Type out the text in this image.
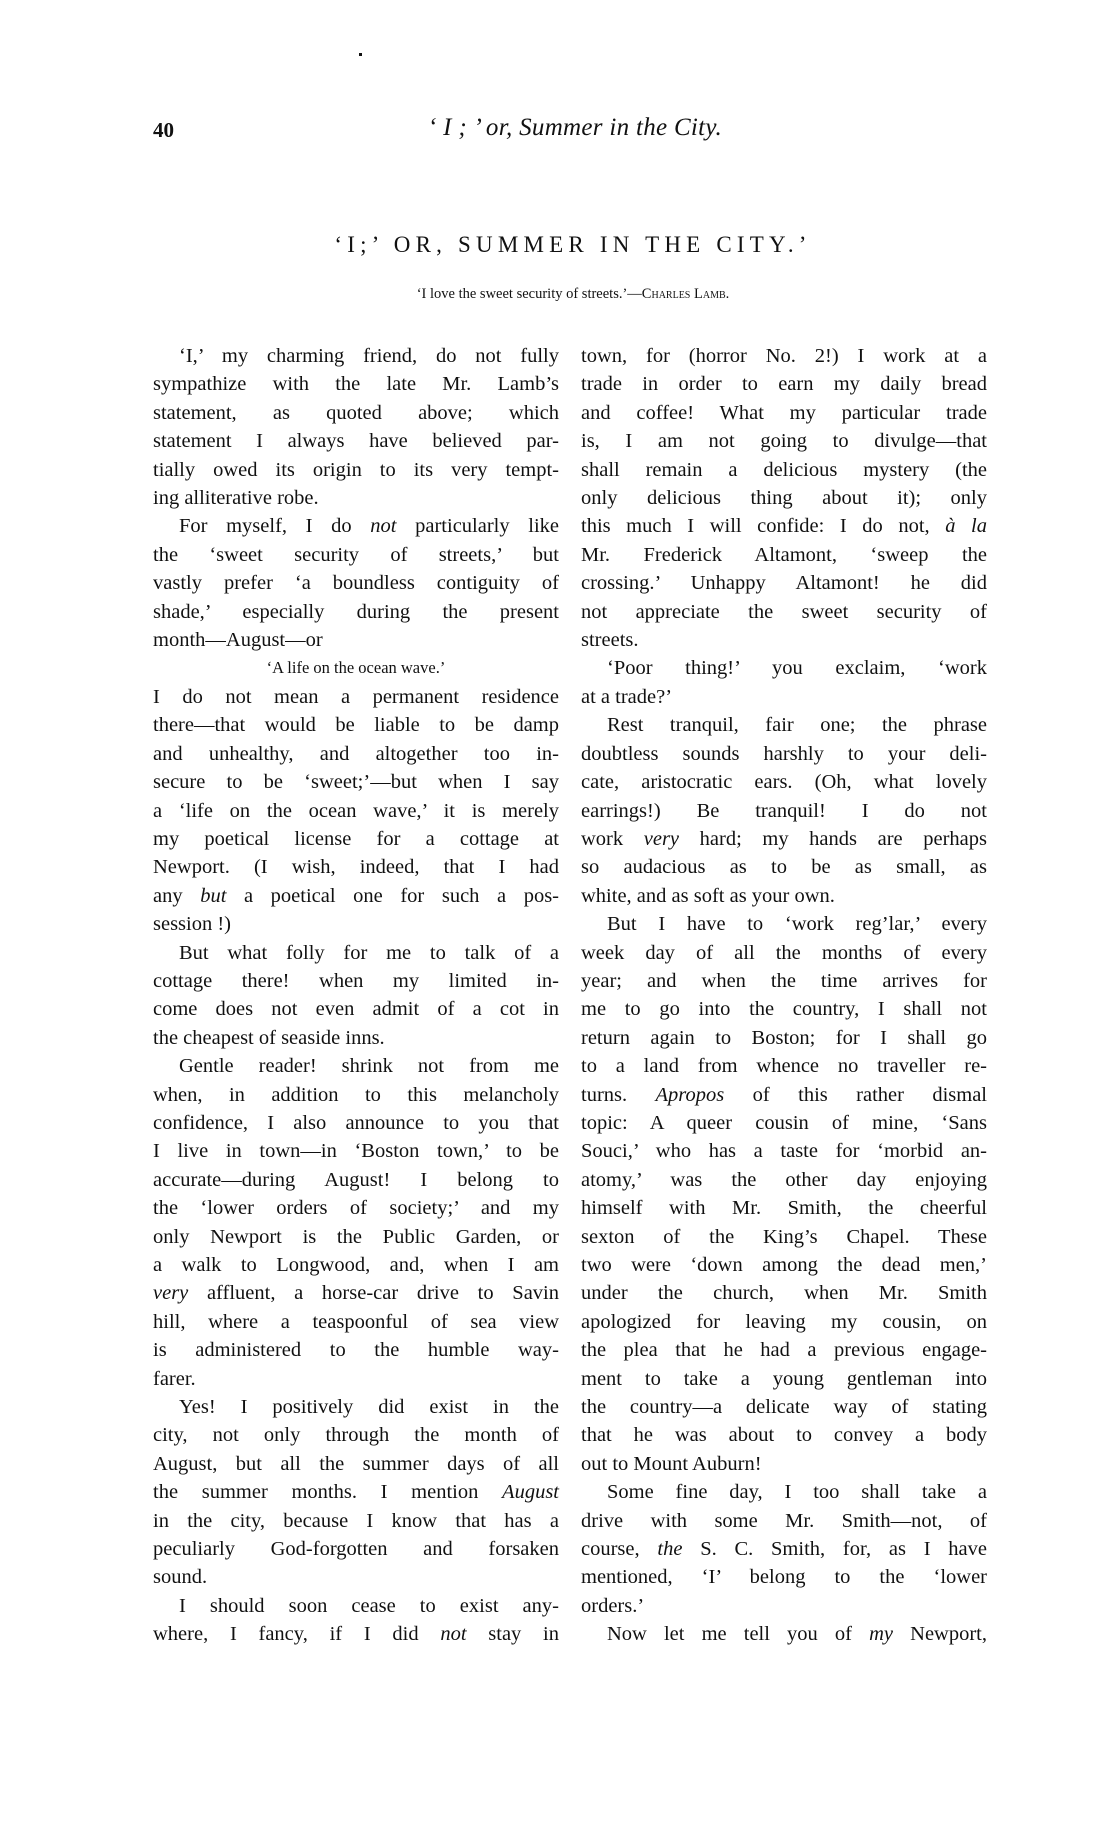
40	‘ I ; ’ or, Summer in the City.
‘I;’ OR, SUMMER IN THE CITY.’
‘I love the sweet security of streets.’—Charles Lamb.
‘I,’ my charming friend, do not fully
sympathize with the late Mr. Lamb’s
statement, as quoted above; which
statement I always have believed par-
tially owed its origin to its very tempt-
ing alliterative robe.
For myself, I do not particularly like
the ‘sweet security of streets,’ but
vastly prefer ‘a boundless contiguity of
shade,’ especially during the present
month—August—or
‘A life on the ocean wave.’
I do not mean a permanent residence
there—that would be liable to be damp
and unhealthy, and altogether too in-
secure to be ‘sweet;’—but when I say
a ‘life on the ocean wave,’ it is merely
my poetical license for a cottage at
Newport. (I wish, indeed, that I had
any but a poetical one for such a pos-
session !)
But what folly for me to talk of a
cottage there! when my limited in-
come does not even admit of a cot in
the cheapest of seaside inns.
Gentle reader! shrink not from me
when, in addition to this melancholy
confidence, I also announce to you that
I live in town—in ‘Boston town,’ to be
accurate—during August! I belong to
the ‘lower orders of society;’ and my
only Newport is the Public Garden, or
a walk to Longwood, and, when I am
very affluent, a horse-car drive to Savin
hill, where a teaspoonful of sea view
is administered to the humble way-
farer.
Yes! I positively did exist in the
city, not only through the month of
August, but all the summer days of all
the summer months. I mention August
in the city, because I know that has a
peculiarly God-forgotten and forsaken
sound.
I should soon cease to exist any-
where, I fancy, if I did not stay in
town, for (horror No. 2!) I work at a
trade in order to earn my daily bread
and coffee! What my particular trade
is, I am not going to divulge—that
shall remain a delicious mystery (the
only delicious thing about it); only
this much I will confide: I do not, à la
Mr. Frederick Altamont, ‘sweep the
crossing.’ Unhappy Altamont! he did
not appreciate the sweet security of
streets.
‘Poor thing!’ you exclaim, ‘work
at a trade?’
Rest tranquil, fair one; the phrase
doubtless sounds harshly to your deli-
cate, aristocratic ears. (Oh, what lovely
earrings!) Be tranquil! I do not
work very hard; my hands are perhaps
so audacious as to be as small, as
white, and as soft as your own.
But I have to ‘work reg’lar,’ every
week day of all the months of every
year; and when the time arrives for
me to go into the country, I shall not
return again to Boston; for I shall go
to a land from whence no traveller re-
turns. Apropos of this rather dismal
topic: A queer cousin of mine, ‘Sans
Souci,’ who has a taste for ‘morbid an-
atomy,’ was the other day enjoying
himself with Mr. Smith, the cheerful
sexton of the King’s Chapel. These
two were ‘down among the dead men,’
under the church, when Mr. Smith
apologized for leaving my cousin, on
the plea that he had a previous engage-
ment to take a young gentleman into
the country—a delicate way of stating
that he was about to convey a body
out to Mount Auburn!
Some fine day, I too shall take a
drive with some Mr. Smith—not, of
course, the S. C. Smith, for, as I have
mentioned, ‘I’ belong to the ‘lower
orders.’
Now let me tell you of my Newport,
